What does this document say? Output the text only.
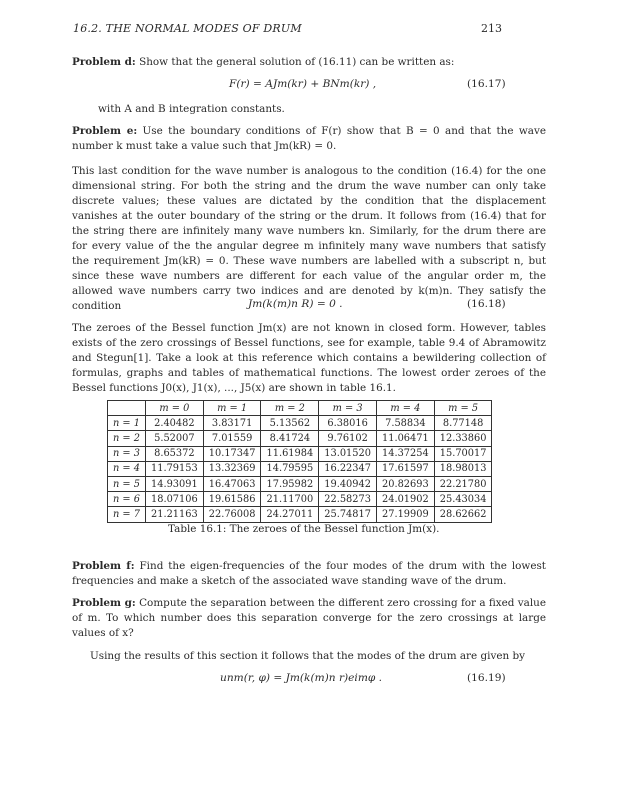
16.2. THE NORMAL MODES OF DRUM	213
Problem d: Show that the general solution of (16.11) can be written as:
F(r) = AJm(kr) + BNm(kr) ,	(16.17)
with A and B integration constants.
Problem e: Use the boundary conditions of F(r) show that B = 0 and that the wave number k must take a value such that Jm(kR) = 0.
This last condition for the wave number is analogous to the condition (16.4) for the one dimensional string. For both the string and the drum the wave number can only take discrete values; these values are dictated by the condition that the displacement vanishes at the outer boundary of the string or the drum. It follows from (16.4) that for the string there are infinitely many wave numbers kn. Similarly, for the drum there are for every value of the the angular degree m infinitely many wave numbers that satisfy the requirement Jm(kR) = 0. These wave numbers are labelled with a subscript n, but since these wave numbers are different for each value of the angular order m, the allowed wave numbers carry two indices and are denoted by k(m)n. They satisfy the condition	Jm(k(m)n R) = 0 .	(16.18)
The zeroes of the Bessel function Jm(x) are not known in closed form. However, tables exists of the zero crossings of Bessel functions, see for example, table 9.4 of Abramowitz and Stegun[1]. Take a look at this reference which contains a bewildering collection of formulas, graphs and tables of mathematical functions. The lowest order zeroes of the Bessel functions J0(x), J1(x), ..., J5(x) are shown in table 16.1.
	m = 0	m = 1	m = 2	m = 3	m = 4	m = 5
n = 1	2.40482	3.83171	5.13562	6.38016	7.58834	8.77148
n = 2	5.52007	7.01559	8.41724	9.76102	11.06471	12.33860
n = 3	8.65372	10.17347	11.61984	13.01520	14.37254	15.70017
n = 4	11.79153	13.32369	14.79595	16.22347	17.61597	18.98013
n = 5	14.93091	16.47063	17.95982	19.40942	20.82693	22.21780
n = 6	18.07106	19.61586	21.11700	22.58273	24.01902	25.43034
n = 7	21.21163	22.76008	24.27011	25.74817	27.19909	28.62662
Table 16.1: The zeroes of the Bessel function Jm(x).
Problem f: Find the eigen-frequencies of the four modes of the drum with the lowest frequencies and make a sketch of the associated wave standing wave of the drum.
Problem g: Compute the separation between the different zero crossing for a fixed value of m. To which number does this separation converge for the zero crossings at large values of x?
Using the results of this section it follows that the modes of the drum are given by
unm(r, φ) = Jm(k(m)n r)eimφ .	(16.19)
